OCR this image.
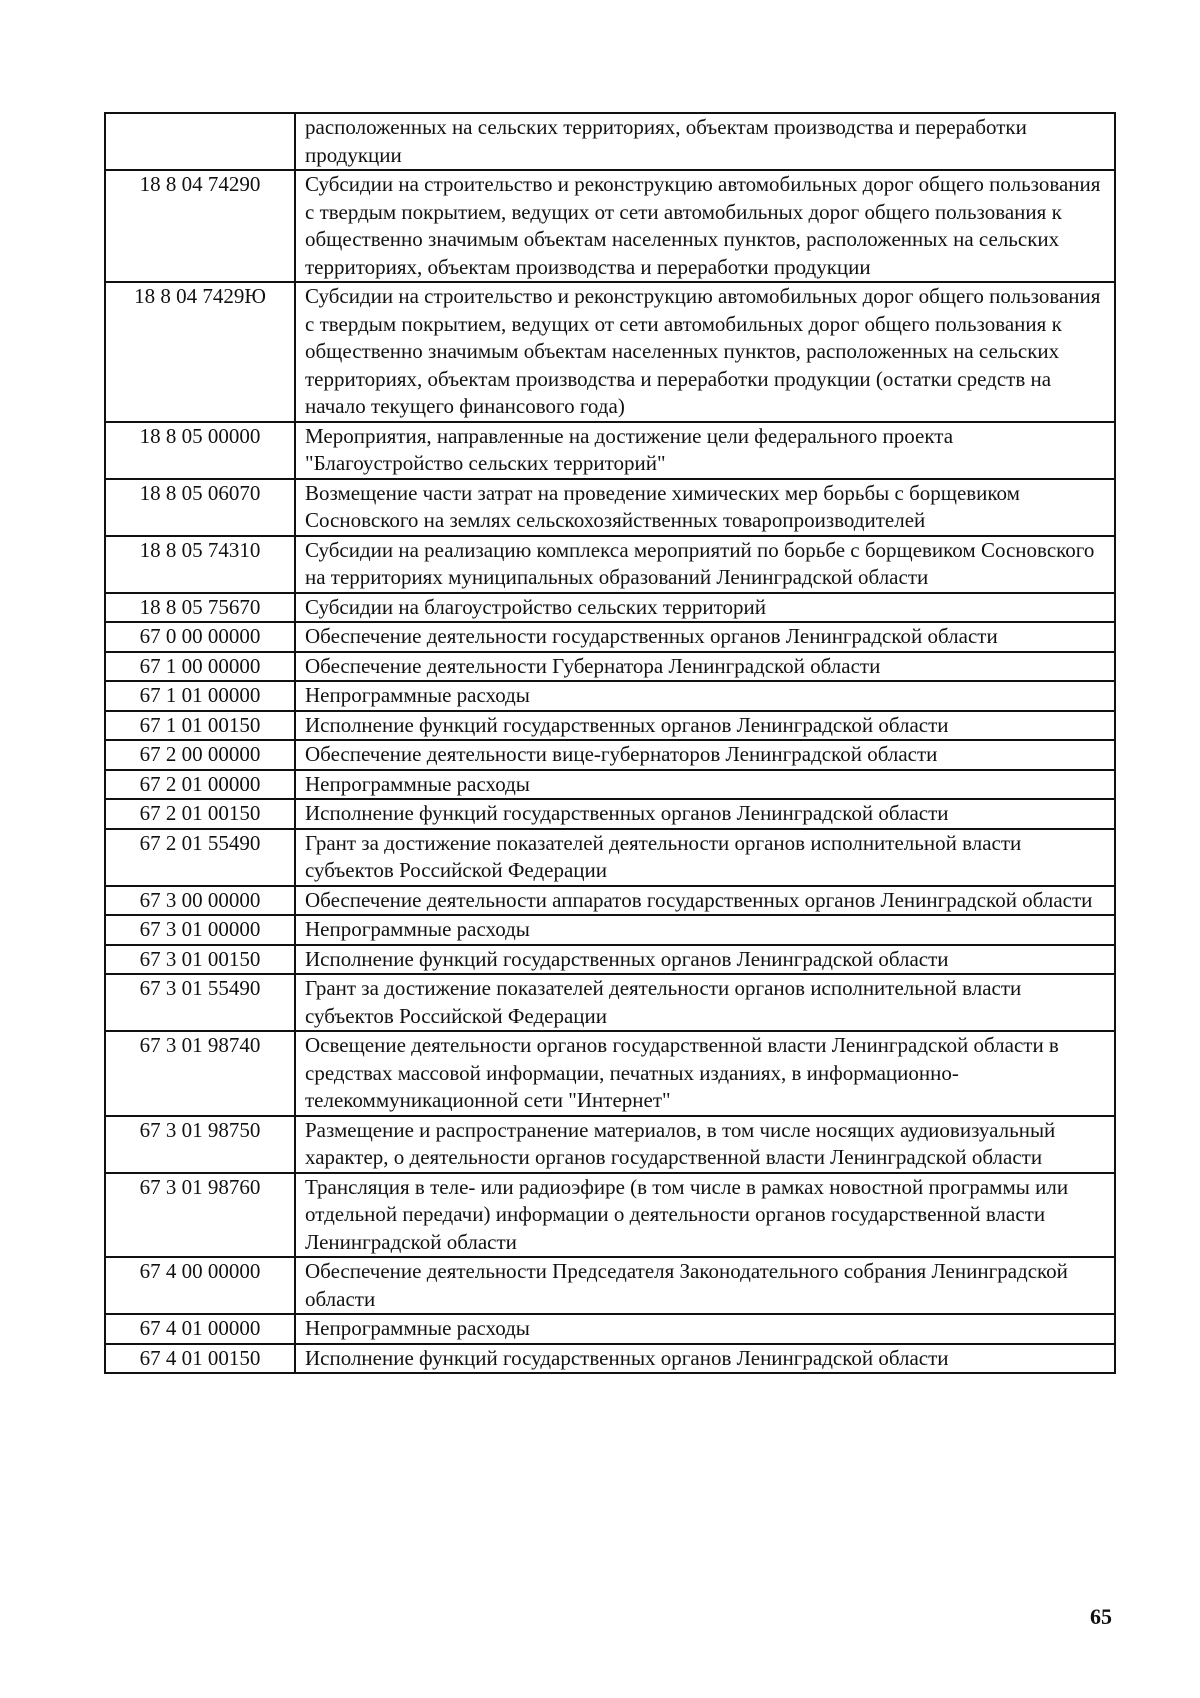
	расположенных на сельских территориях, объектам производства и переработки продукции
18 8 04 74290	Субсидии на строительство и реконструкцию автомобильных дорог общего пользования с твердым покрытием, ведущих от сети автомобильных дорог общего пользования к общественно значимым объектам населенных пунктов, расположенных на сельских территориях, объектам производства и переработки продукции
18 8 04 7429Ю	Субсидии на строительство и реконструкцию автомобильных дорог общего пользования с твердым покрытием, ведущих от сети автомобильных дорог общего пользования к общественно значимым объектам населенных пунктов, расположенных на сельских территориях, объектам производства и переработки продукции (остатки средств на начало текущего финансового года)
18 8 05 00000	Мероприятия, направленные на достижение цели федерального проекта "Благоустройство сельских территорий"
18 8 05 06070	Возмещение части затрат на проведение химических мер борьбы с борщевиком Сосновского на землях сельскохозяйственных товаропроизводителей
18 8 05 74310	Субсидии на реализацию комплекса мероприятий по борьбе с борщевиком Сосновского на территориях муниципальных образований Ленинградской области
18 8 05 75670	Субсидии на благоустройство сельских территорий
67 0 00 00000	Обеспечение деятельности государственных органов Ленинградской области
67 1 00 00000	Обеспечение деятельности Губернатора Ленинградской области
67 1 01 00000	Непрограммные расходы
67 1 01 00150	Исполнение функций государственных органов Ленинградской области
67 2 00 00000	Обеспечение деятельности вице-губернаторов Ленинградской области
67 2 01 00000	Непрограммные расходы
67 2 01 00150	Исполнение функций государственных органов Ленинградской области
67 2 01 55490	Грант за достижение показателей деятельности органов исполнительной власти субъектов Российской Федерации
67 3 00 00000	Обеспечение деятельности аппаратов государственных органов Ленинградской области
67 3 01 00000	Непрограммные расходы
67 3 01 00150	Исполнение функций государственных органов Ленинградской области
67 3 01 55490	Грант за достижение показателей деятельности органов исполнительной власти субъектов Российской Федерации
67 3 01 98740	Освещение деятельности органов государственной власти Ленинградской области в средствах массовой информации, печатных изданиях, в информационно-телекоммуникационной сети "Интернет"
67 3 01 98750	Размещение и распространение материалов, в том числе носящих аудиовизуальный характер, о деятельности органов государственной власти Ленинградской области
67 3 01 98760	Трансляция в теле- или радиоэфире (в том числе в рамках новостной программы или отдельной передачи) информации о деятельности органов государственной власти Ленинградской области
67 4 00 00000	Обеспечение деятельности Председателя Законодательного собрания Ленинградской области
67 4 01 00000	Непрограммные расходы
67 4 01 00150	Исполнение функций государственных органов Ленинградской области
65
